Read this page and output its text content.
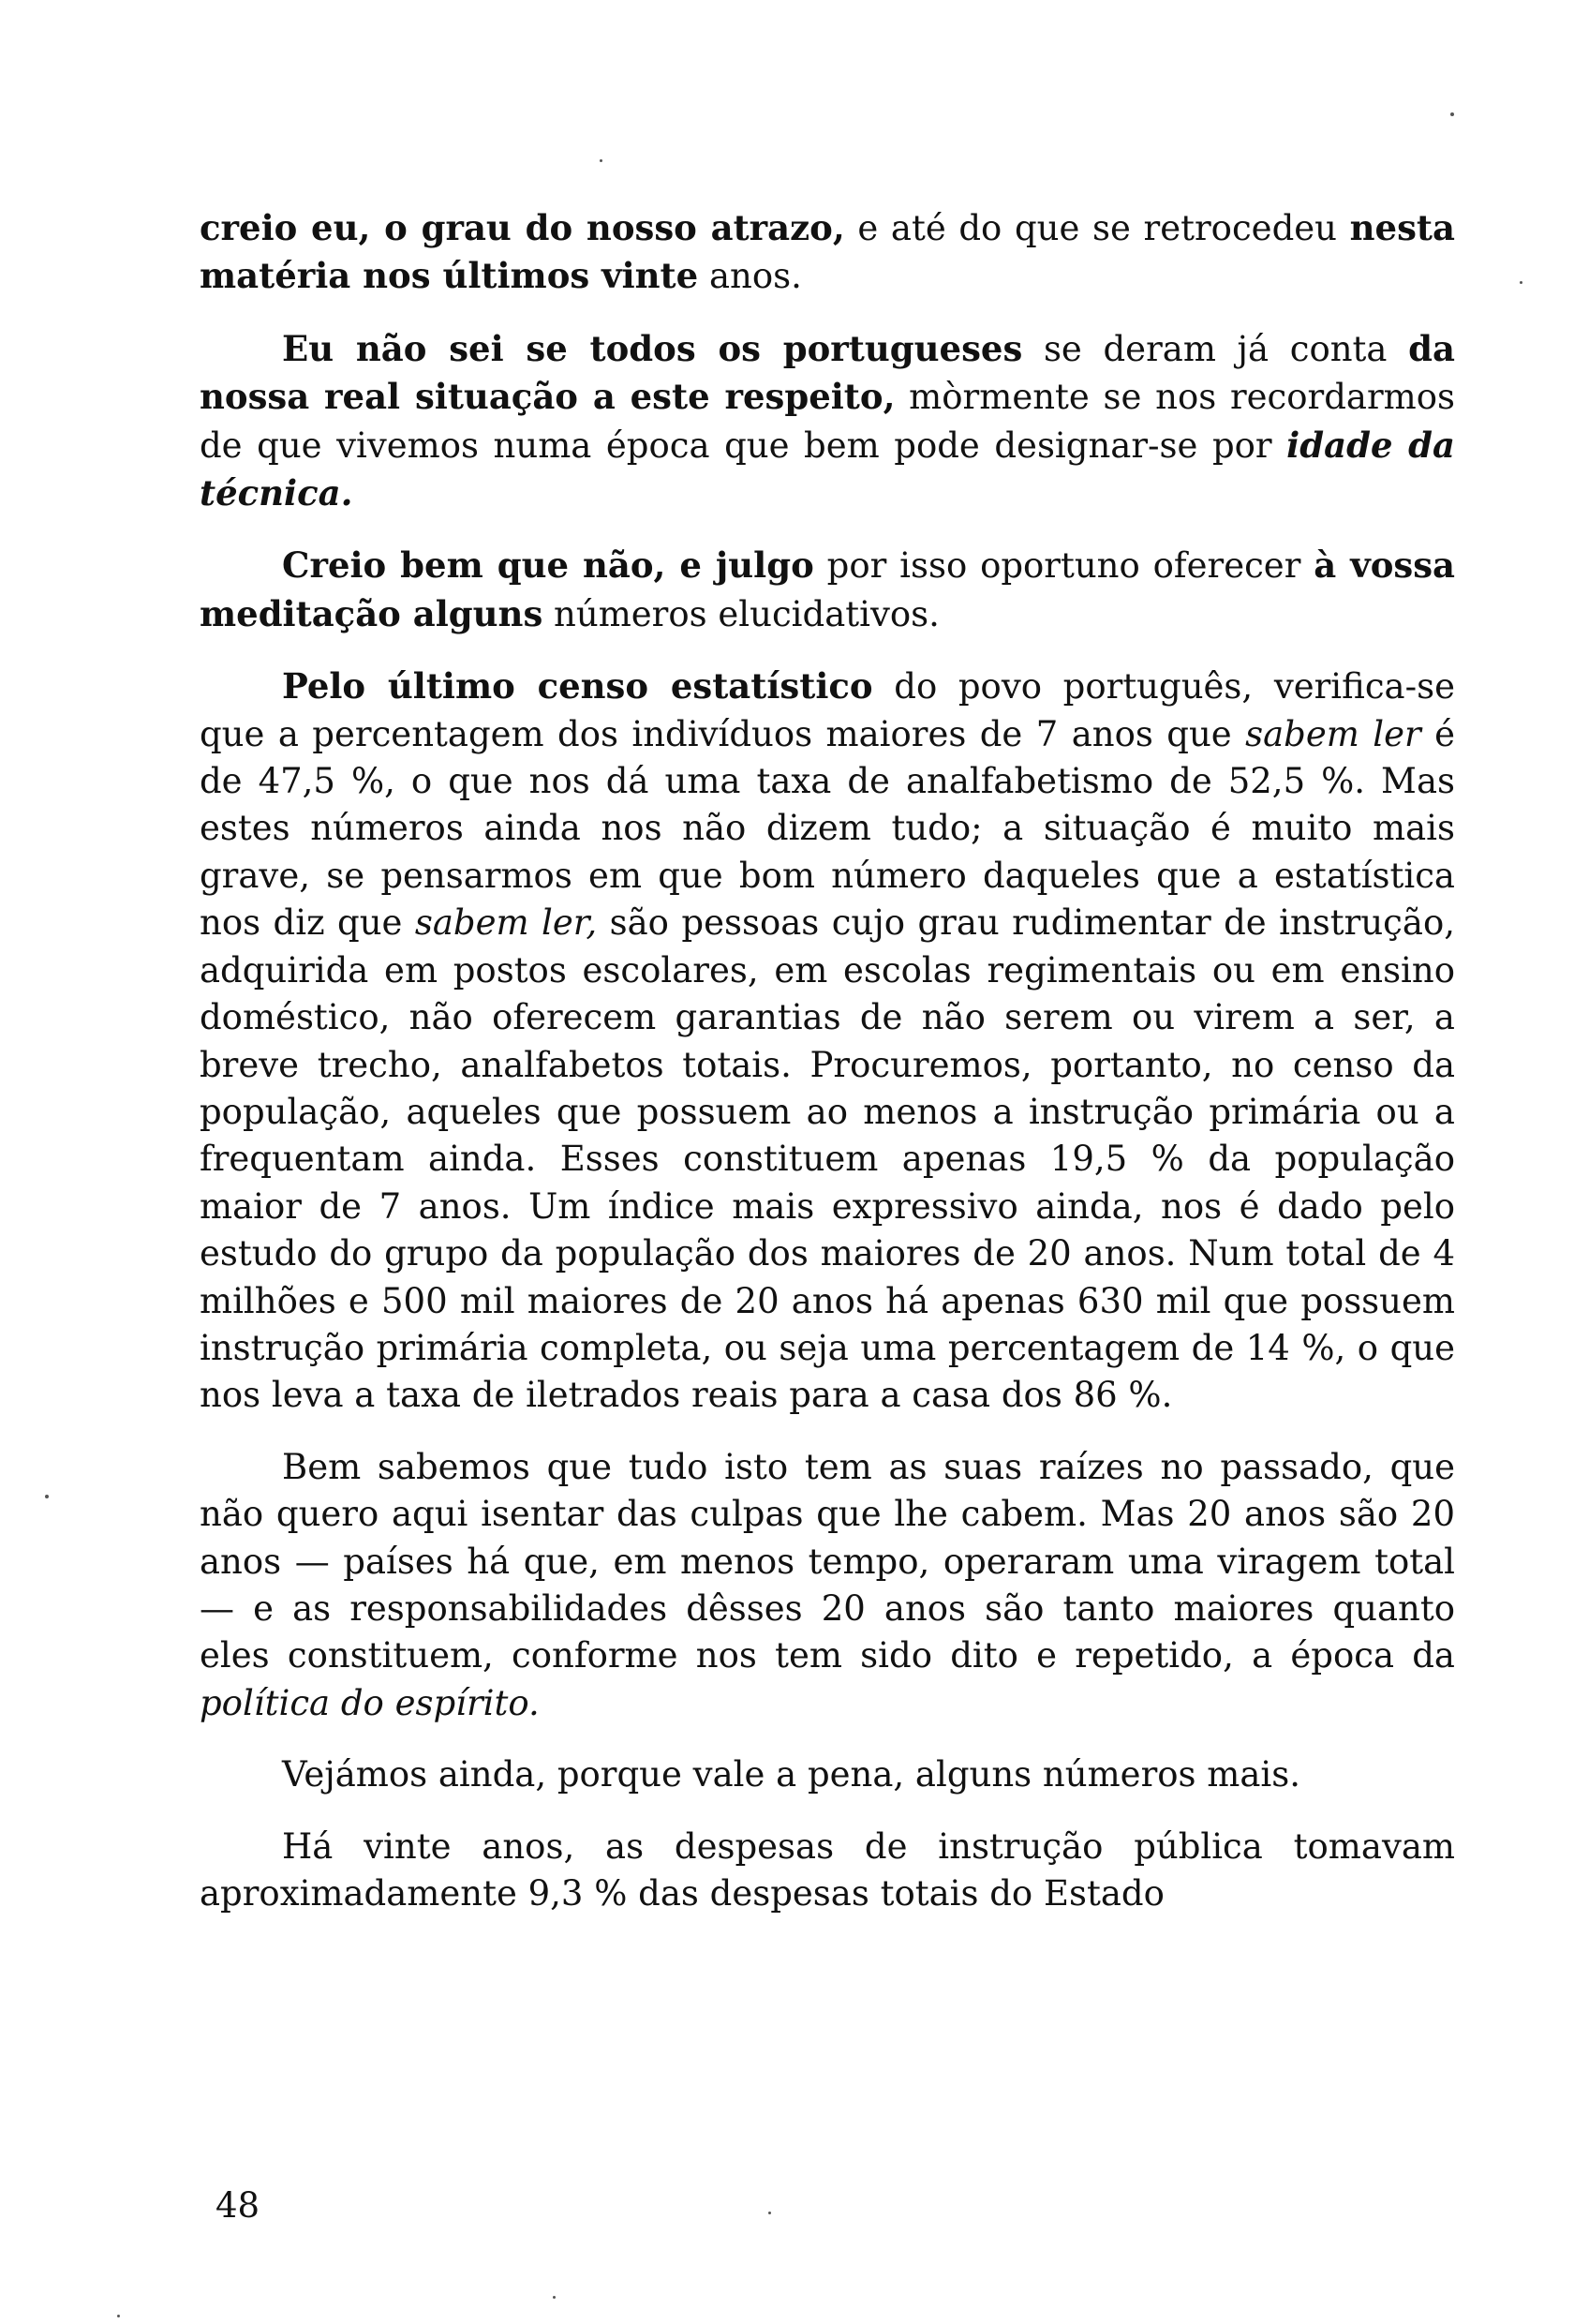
creio eu, o grau do nosso atrazo, e até do que se retrocedeu nesta matéria nos últimos vinte anos.

Eu não sei se todos os portugueses se deram já conta da nossa real situação a este respeito, mòrmente se nos recordarmos de que vivemos numa época que bem pode designar-se por idade da técnica.

Creio bem que não, e julgo por isso oportuno oferecer à vossa meditação alguns números elucidativos.

Pelo último censo estatístico do povo português, verifica-se que a percentagem dos indivíduos maiores de 7 anos que sabem ler é de 47,5 %, o que nos dá uma taxa de analfabetismo de 52,5 %. Mas estes números ainda nos não dizem tudo; a situação é muito mais grave, se pensarmos em que bom número daqueles que a estatística nos diz que sabem ler, são pessoas cujo grau rudimentar de instrução, adquirida em postos escolares, em escolas regimentais ou em ensino doméstico, não oferecem garantias de não serem ou virem a ser, a breve trecho, analfabetos totais. Procuremos, portanto, no censo da população, aqueles que possuem ao menos a instrução primária ou a frequentam ainda. Esses constituem apenas 19,5 % da população maior de 7 anos. Um índice mais expressivo ainda, nos é dado pelo estudo do grupo da população dos maiores de 20 anos. Num total de 4 milhões e 500 mil maiores de 20 anos há apenas 630 mil que possuem instrução primária completa, ou seja uma percentagem de 14 %, o que nos leva a taxa de iletrados reais para a casa dos 86 %.

Bem sabemos que tudo isto tem as suas raízes no passado, que não quero aqui isentar das culpas que lhe cabem. Mas 20 anos são 20 anos — países há que, em menos tempo, operaram uma viragem total — e as responsabilidades dêsses 20 anos são tanto maiores quanto eles constituem, conforme nos tem sido dito e repetido, a época da política do espírito.

Vejámos ainda, porque vale a pena, alguns números mais.

Há vinte anos, as despesas de instrução pública tomavam aproximadamente 9,3 % das despesas totais do Estado

48
